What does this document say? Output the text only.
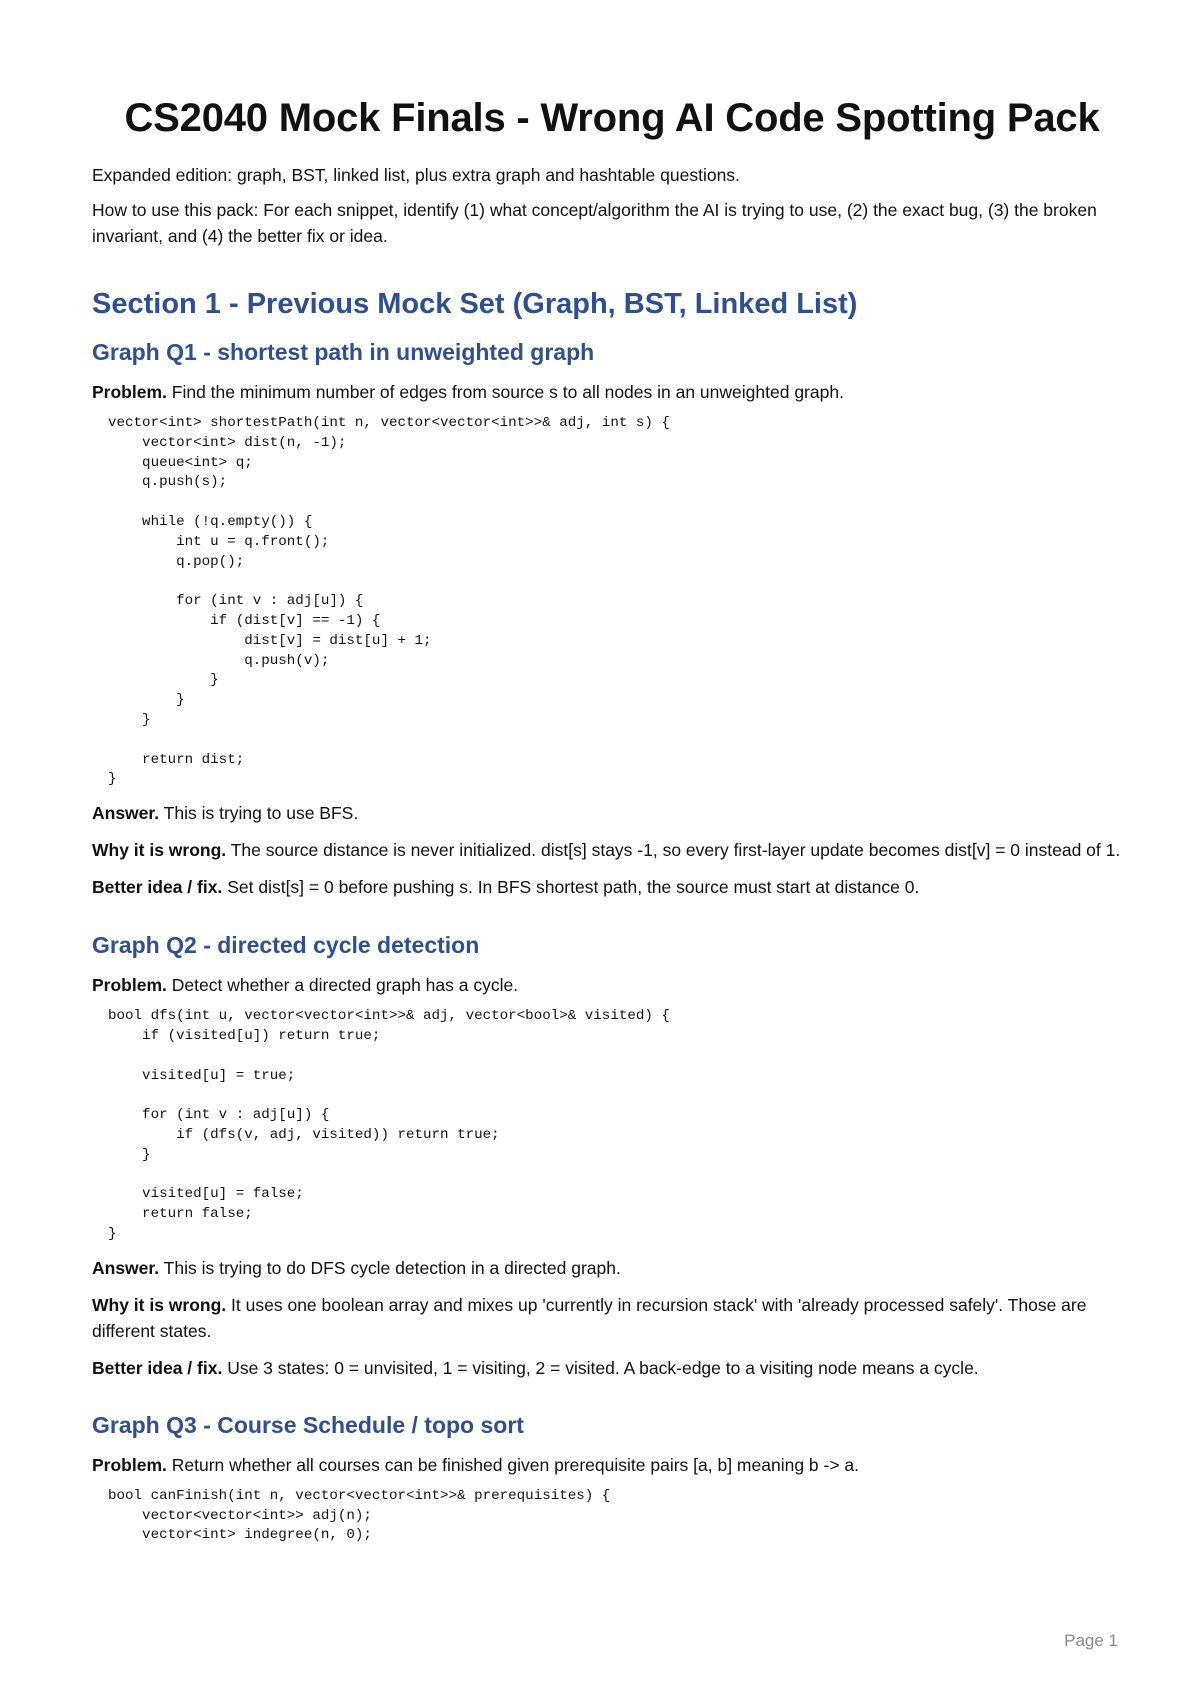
CS2040 Mock Finals - Wrong AI Code Spotting Pack

Expanded edition: graph, BST, linked list, plus extra graph and hashtable questions.

How to use this pack: For each snippet, identify (1) what concept/algorithm the AI is trying to use, (2) the exact bug, (3) the broken invariant, and (4) the better fix or idea.

Section 1 - Previous Mock Set (Graph, BST, Linked List)
Graph Q1 - shortest path in unweighted graph

Problem. Find the minimum number of edges from source s to all nodes in an unweighted graph.

vector<int> shortestPath(int n, vector<vector<int>>& adj, int s) {
vector<int> dist(n, -1);
queue<int> q;
q.push(s);

while (!q.empty()) {
int u = q.front();
q.pop();

for (int v : adj[u]) {
if (dist[v] == -1) {
dist[v] = dist[u] + 1;
q.push(v);
}
}
}

return dist;
}

Answer. This is trying to use BFS.

Why it is wrong. The source distance is never initialized. dist[s] stays -1, so every first-layer update becomes dist[v] = 0 instead of 1.

Better idea / fix. Set dist[s] = 0 before pushing s. In BFS shortest path, the source must start at distance 0.

Graph Q2 - directed cycle detection

Problem. Detect whether a directed graph has a cycle.

bool dfs(int u, vector<vector<int>>& adj, vector<bool>& visited) {
if (visited[u]) return true;

visited[u] = true;

for (int v : adj[u]) {
if (dfs(v, adj, visited)) return true;
}

visited[u] = false;
return false;
}

Answer. This is trying to do DFS cycle detection in a directed graph.

Why it is wrong. It uses one boolean array and mixes up 'currently in recursion stack' with 'already processed safely'. Those are different states.

Better idea / fix. Use 3 states: 0 = unvisited, 1 = visiting, 2 = visited. A back-edge to a visiting node means a cycle.

Graph Q3 - Course Schedule / topo sort

Problem. Return whether all courses can be finished given prerequisite pairs [a, b] meaning b -> a.

bool canFinish(int n, vector<vector<int>>& prerequisites) {
vector<vector<int>> adj(n);
vector<int> indegree(n, 0);
Page 1
